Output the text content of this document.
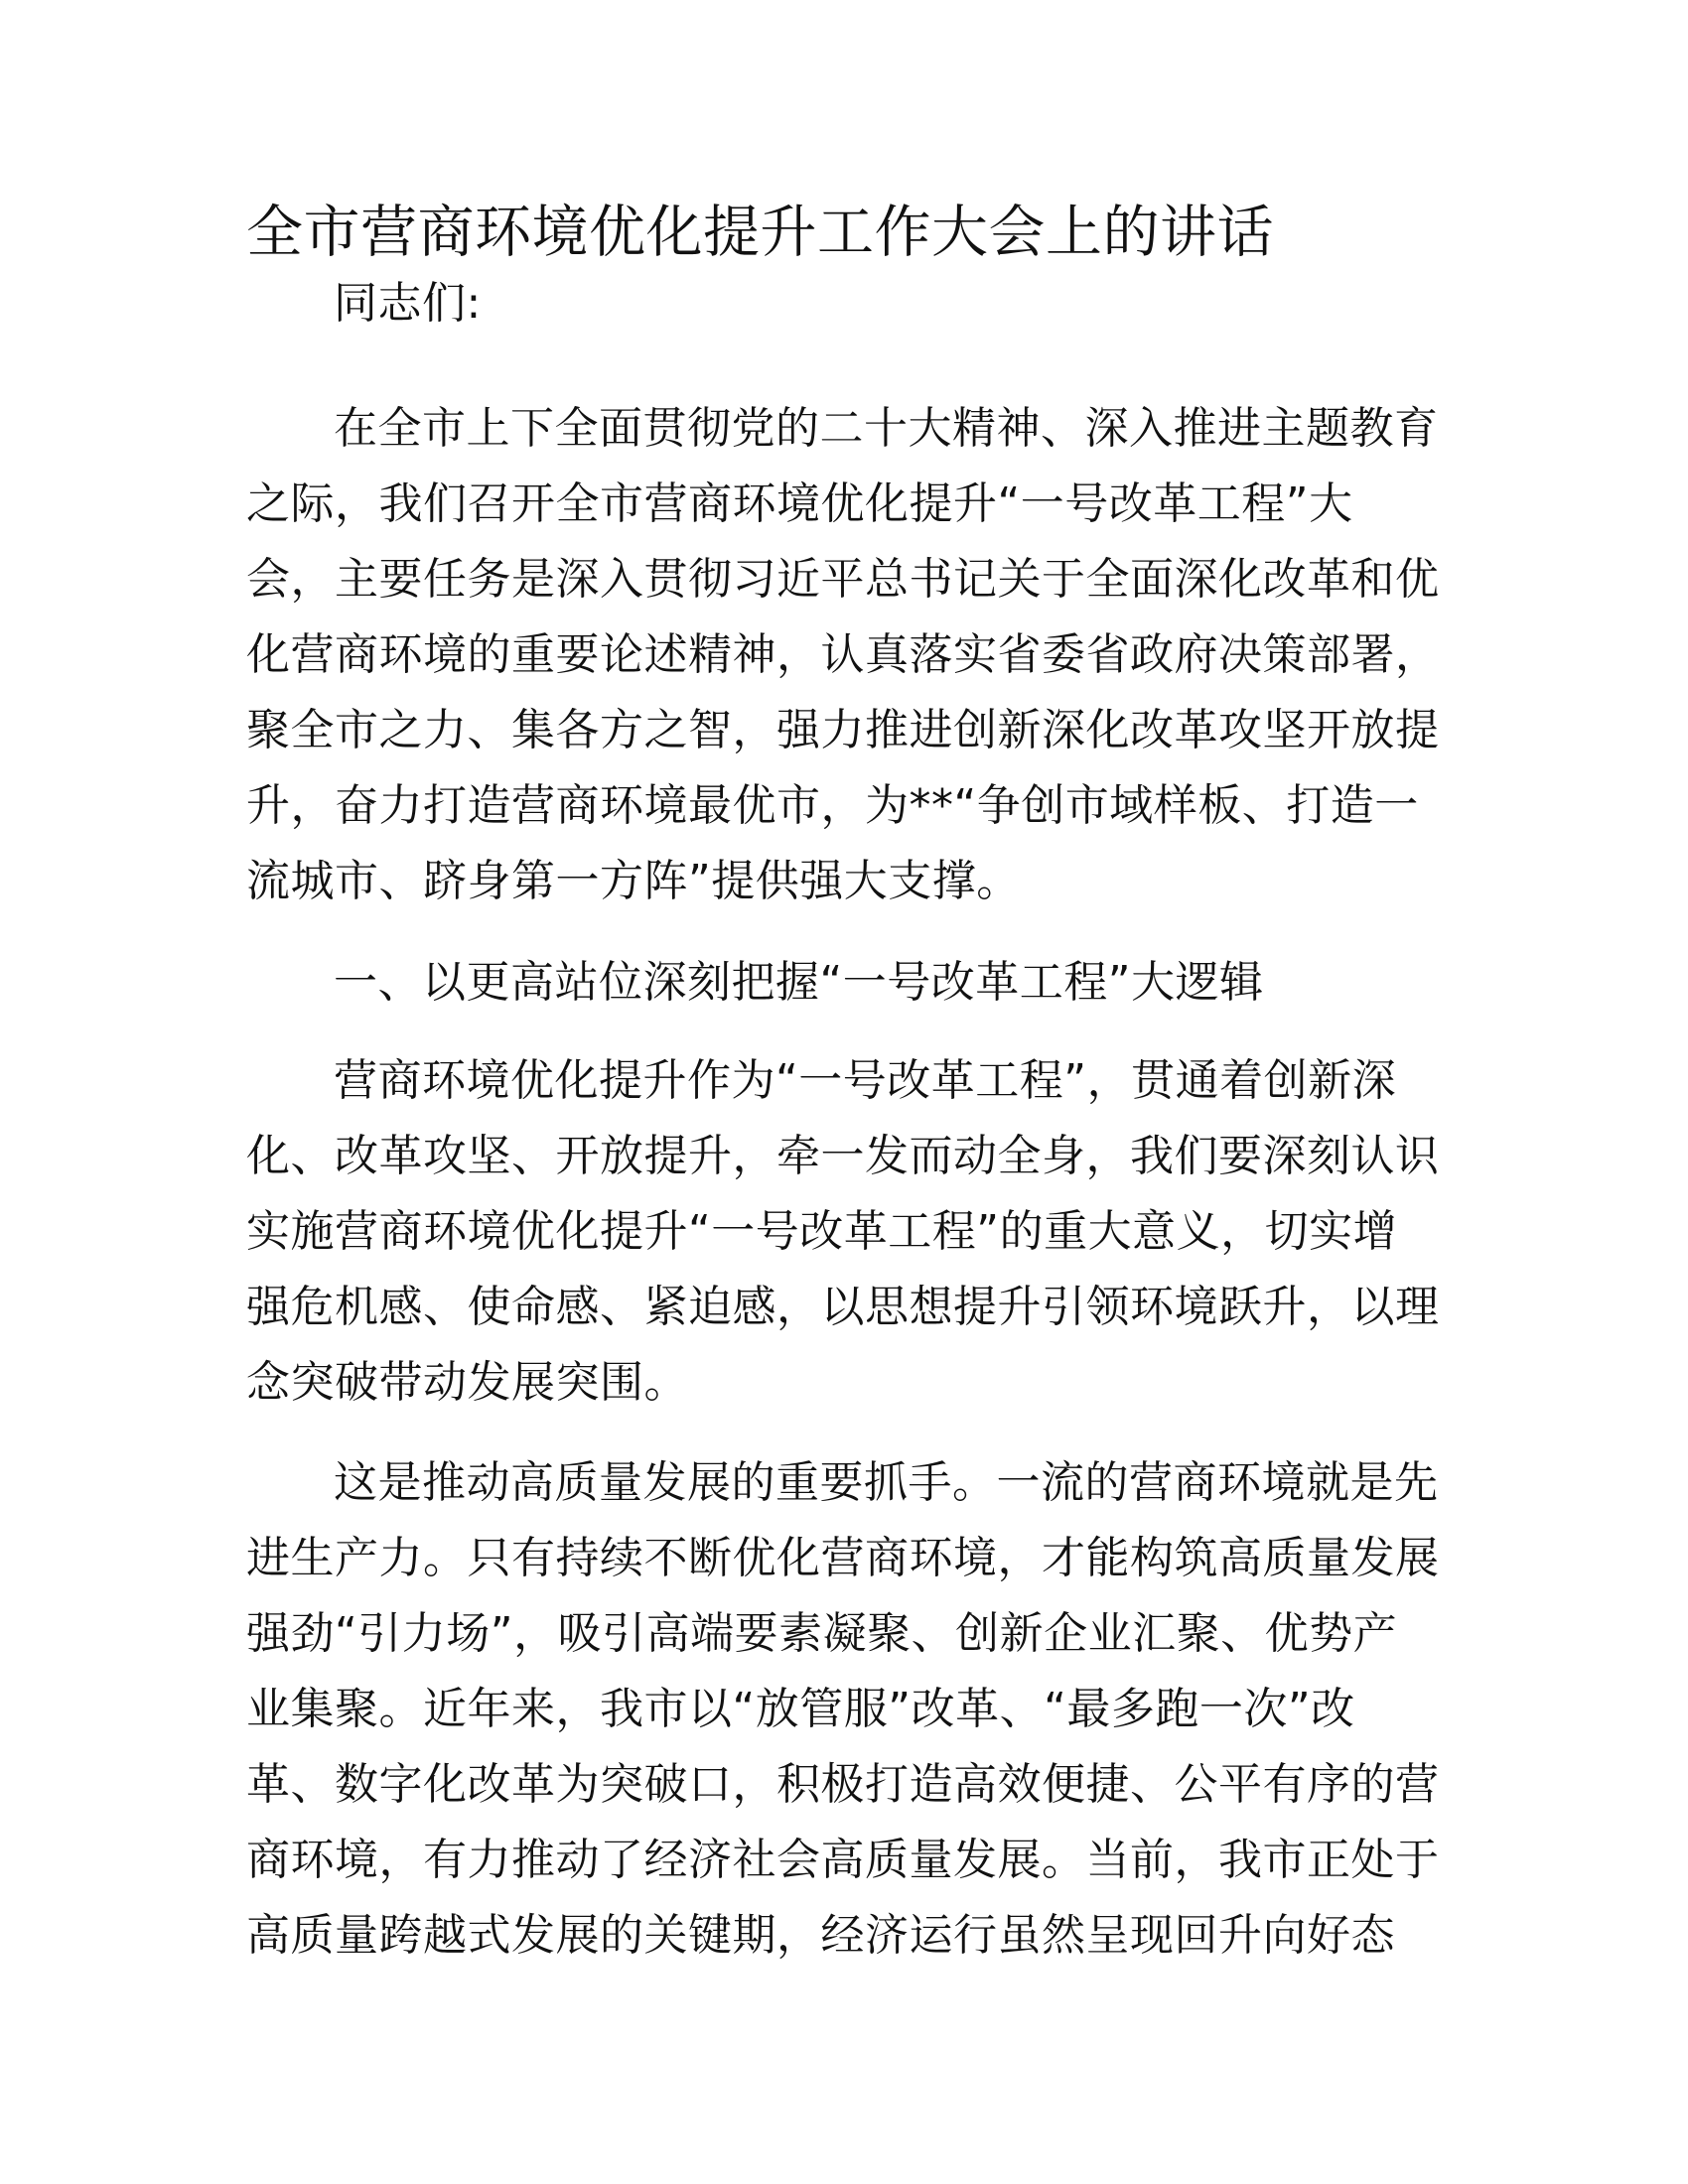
全市营商环境优化提升工作大会上的讲话
同志们:
在全市上下全面贯彻党的二十大精神、深入推进主题教育
之际，我们召开全市营商环境优化提升“一号改革工程”大
会，主要任务是深入贯彻习近平总书记关于全面深化改革和优
化营商环境的重要论述精神，认真落实省委省政府决策部署，
聚全市之力、集各方之智，强力推进创新深化改革攻坚开放提
升，奋力打造营商环境最优市，为**“争创市域样板、打造一
流城市、跻身第一方阵”提供强大支撑。
一、以更高站位深刻把握“一号改革工程”大逻辑
营商环境优化提升作为“一号改革工程”，贯通着创新深
化、改革攻坚、开放提升，牵一发而动全身，我们要深刻认识
实施营商环境优化提升“一号改革工程”的重大意义，切实增
强危机感、使命感、紧迫感，以思想提升引领环境跃升，以理
念突破带动发展突围。
这是推动高质量发展的重要抓手。一流的营商环境就是先
进生产力。只有持续不断优化营商环境，才能构筑高质量发展
强劲“引力场”，吸引高端要素凝聚、创新企业汇聚、优势产
业集聚。近年来，我市以“放管服”改革、“最多跑一次”改
革、数字化改革为突破口，积极打造高效便捷、公平有序的营
商环境，有力推动了经济社会高质量发展。当前，我市正处于
高质量跨越式发展的关键期，经济运行虽然呈现回升向好态
